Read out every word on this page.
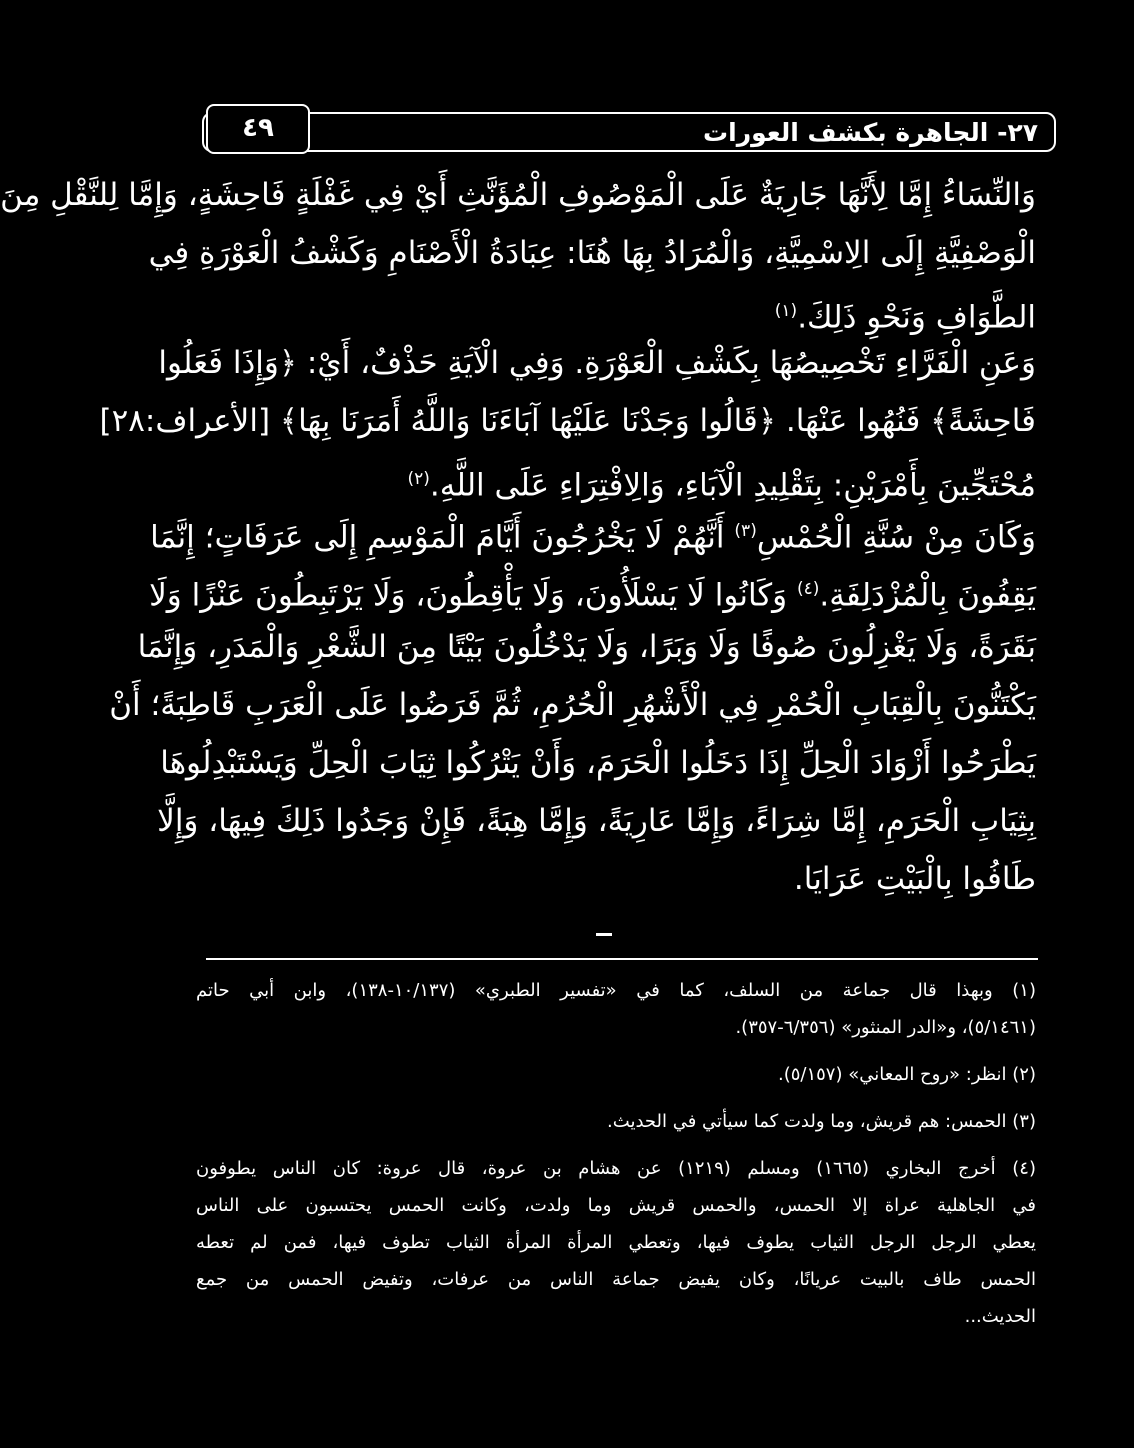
٢٧- الجاهرة بكشف العورات
٤٩
وَالنِّسَاءُ إِمَّا لِأَنَّهَا جَارِيَةٌ عَلَى الْمَوْصُوفِ الْمُؤَنَّثِ أَيْ فِي غَفْلَةٍ فَاحِشَةٍ، وَإِمَّا لِلنَّقْلِ مِنَ
الْوَصْفِيَّةِ إِلَى الِاسْمِيَّةِ، وَالْمُرَادُ بِهَا هُنَا: عِبَادَةُ الْأَصْنَامِ وَكَشْفُ الْعَوْرَةِ فِي
الطَّوَافِ وَنَحْوِ ذَلِكَ.$^{(١)}$
وَعَنِ الْفَرَّاءِ تَخْصِيصُهَا بِكَشْفِ الْعَوْرَةِ. وَفِي الْآيَةِ حَذْفٌ، أَيْ: ﴿وَإِذَا فَعَلُوا
فَاحِشَةً﴾ فَنُهُوا عَنْهَا. ﴿قَالُوا وَجَدْنَا عَلَيْهَا آبَاءَنَا وَاللَّهُ أَمَرَنَا بِهَا﴾ [الأعراف:٢٨]
مُحْتَجِّينَ بِأَمْرَيْنِ: بِتَقْلِيدِ الْآبَاءِ، وَالِافْتِرَاءِ عَلَى اللَّهِ.$^{(٢)}$
وَكَانَ مِنْ سُنَّةِ الْحُمْسِ$^{(٣)}$ أَنَّهُمْ لَا يَخْرُجُونَ أَيَّامَ الْمَوْسِمِ إِلَى عَرَفَاتٍ؛ إِنَّمَا
يَقِفُونَ بِالْمُزْدَلِفَةِ.$^{(٤)}$ وَكَانُوا لَا يَسْلَأُونَ، وَلَا يَأْقِطُونَ، وَلَا يَرْتَبِطُونَ عَنْزًا وَلَا
بَقَرَةً، وَلَا يَغْزِلُونَ صُوفًا وَلَا وَبَرًا، وَلَا يَدْخُلُونَ بَيْتًا مِنَ الشَّعْرِ وَالْمَدَرِ، وَإِنَّمَا
يَكْتَنُّونَ بِالْقِبَابِ الْحُمْرِ فِي الْأَشْهُرِ الْحُرُمِ، ثُمَّ فَرَضُوا عَلَى الْعَرَبِ قَاطِبَةً؛ أَنْ
يَطْرَحُوا أَزْوَادَ الْحِلِّ إِذَا دَخَلُوا الْحَرَمَ، وَأَنْ يَتْرُكُوا ثِيَابَ الْحِلِّ وَيَسْتَبْدِلُوهَا
بِثِيَابِ الْحَرَمِ، إِمَّا شِرَاءً، وَإِمَّا عَارِيَةً، وَإِمَّا هِبَةً، فَإِنْ وَجَدُوا ذَلِكَ فِيهَا، وَإِلَّا
طَافُوا بِالْبَيْتِ عَرَايَا.
(١) وبهذا قال جماعة من السلف، كما في «تفسير الطبري» (١٠/١٣٧-١٣٨)، وابن أبي حاتم
(٥/١٤٦١)، و«الدر المنثور» (٦/٣٥٦-٣٥٧).
(٢) انظر: «روح المعاني» (٥/١٥٧).
(٣) الحمس: هم قريش، وما ولدت كما سيأتي في الحديث.
(٤) أخرج البخاري (١٦٦٥) ومسلم (١٢١٩) عن هشام بن عروة، قال عروة: كان الناس يطوفون
في الجاهلية عراة إلا الحمس، والحمس قريش وما ولدت، وكانت الحمس يحتسبون على الناس
يعطي الرجل الرجل الثياب يطوف فيها، وتعطي المرأة المرأة الثياب تطوف فيها، فمن لم تعطه
الحمس طاف بالبيت عريانًا، وكان يفيض جماعة الناس من عرفات، وتفيض الحمس من جمع
الحديث...
